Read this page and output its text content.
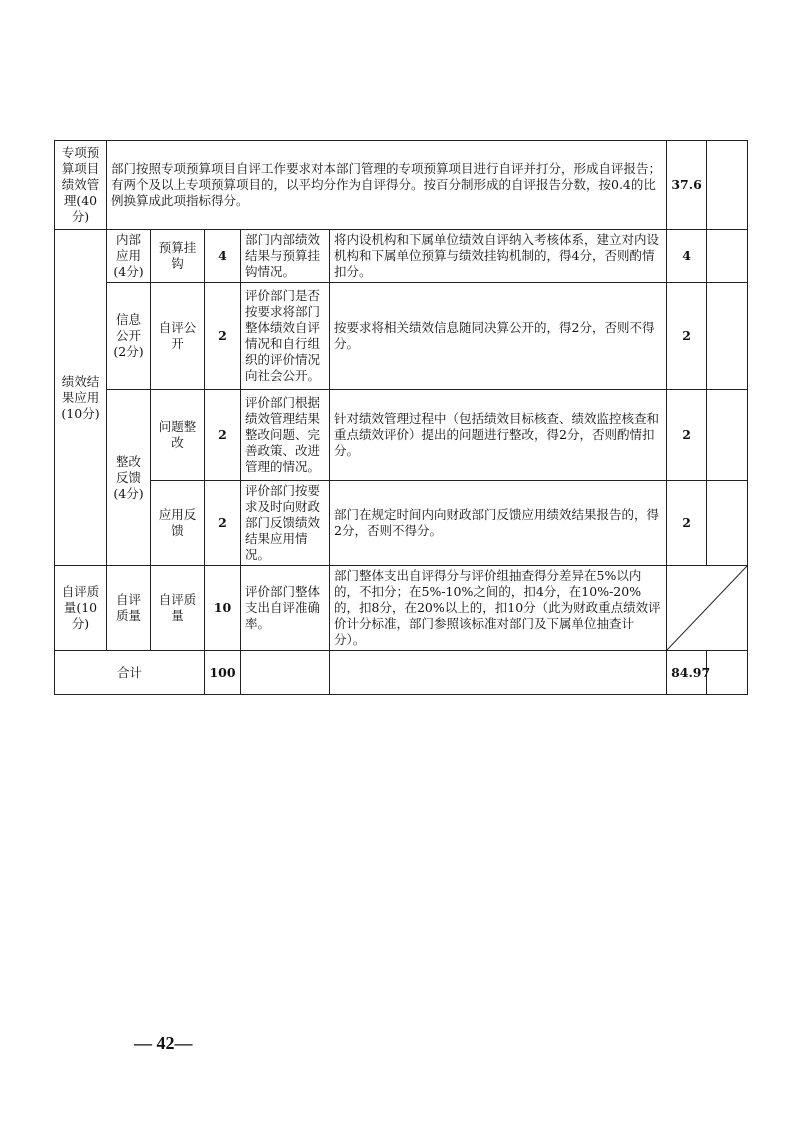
专项预算项目绩效管理(40分)	部门按照专项预算项目自评工作要求对本部门管理的专项预算项目进行自评并打分，形成自评报告；有两个及以上专项预算项目的，以平均分作为自评得分。按百分制形成的自评报告分数，按0.4的比例换算成此项指标得分。					37.6	
绩效结果应用(10分)	内部应用(4分)	预算挂钩	4	部门内部绩效结果与预算挂钩情况。	将内设机构和下属单位绩效自评纳入考核体系，建立对内设机构和下属单位预算与绩效挂钩机制的，得4分，否则酌情扣分。	4	
	信息公开(2分)	自评公开	2	评价部门是否按要求将部门整体绩效自评情况和自行组织的评价情况向社会公开。	按要求将相关绩效信息随同决算公开的，得2分，否则不得分。	2	
	整改反馈(4分)	问题整改	2	评价部门根据绩效管理结果整改问题、完善政策、改进管理的情况。	针对绩效管理过程中（包括绩效目标核查、绩效监控核查和重点绩效评价）提出的问题进行整改，得2分，否则酌情扣分。	2	
		应用反馈	2	评价部门按要求及时向财政部门反馈绩效结果应用情况。	部门在规定时间内向财政部门反馈应用绩效结果报告的，得2分，否则不得分。	2	
自评质量(10分)	自评质量	自评质量	10	评价部门整体支出自评准确率。	部门整体支出自评得分与评价组抽查得分差异在5%以内的，不扣分；在5%-10%之间的，扣4分，在10%-20%的，扣8分，在20%以上的，扣10分（此为财政重点绩效评价计分标准，部门参照该标准对部门及下属单位抽查计分）。	

合计			100			84.97	
— 42—
